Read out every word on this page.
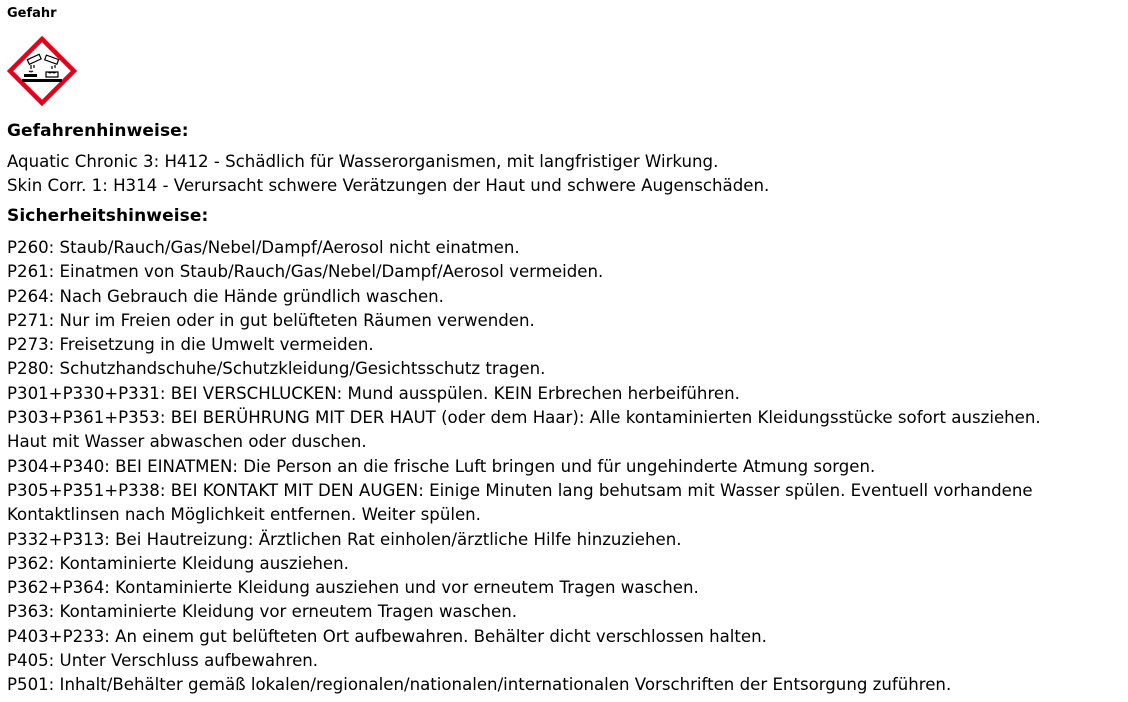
Gefahr
Gefahrenhinweise:
Aquatic Chronic 3: H412 - Schädlich für Wasserorganismen, mit langfristiger Wirkung.
Skin Corr. 1: H314 - Verursacht schwere Verätzungen der Haut und schwere Augenschäden.
Sicherheitshinweise:
P260: Staub/Rauch/Gas/Nebel/Dampf/Aerosol nicht einatmen.
P261: Einatmen von Staub/Rauch/Gas/Nebel/Dampf/Aerosol vermeiden.
P264: Nach Gebrauch die Hände gründlich waschen.
P271: Nur im Freien oder in gut belüfteten Räumen verwenden.
P273: Freisetzung in die Umwelt vermeiden.
P280: Schutzhandschuhe/Schutzkleidung/Gesichtsschutz tragen.
P301+P330+P331: BEI VERSCHLUCKEN: Mund ausspülen. KEIN Erbrechen herbeiführen.
P303+P361+P353: BEI BERÜHRUNG MIT DER HAUT (oder dem Haar): Alle kontaminierten Kleidungsstücke sofort ausziehen.
Haut mit Wasser abwaschen oder duschen.
P304+P340: BEI EINATMEN: Die Person an die frische Luft bringen und für ungehinderte Atmung sorgen.
P305+P351+P338: BEI KONTAKT MIT DEN AUGEN: Einige Minuten lang behutsam mit Wasser spülen. Eventuell vorhandene
Kontaktlinsen nach Möglichkeit entfernen. Weiter spülen.
P332+P313: Bei Hautreizung: Ärztlichen Rat einholen/ärztliche Hilfe hinzuziehen.
P362: Kontaminierte Kleidung ausziehen.
P362+P364: Kontaminierte Kleidung ausziehen und vor erneutem Tragen waschen.
P363: Kontaminierte Kleidung vor erneutem Tragen waschen.
P403+P233: An einem gut belüfteten Ort aufbewahren. Behälter dicht verschlossen halten.
P405: Unter Verschluss aufbewahren.
P501: Inhalt/Behälter gemäß lokalen/regionalen/nationalen/internationalen Vorschriften der Entsorgung zuführen.
